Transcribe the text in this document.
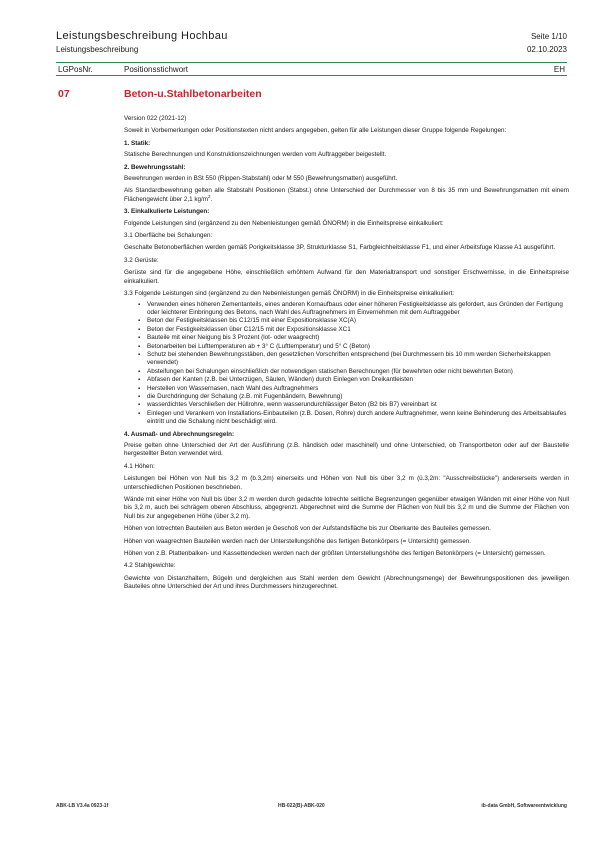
Leistungsbeschreibung Hochbau	Seite 1/10
Leistungsbeschreibung	02.10.2023
LGPosNr.	Positionsstichwort	EH
07	Beton-u.Stahlbetonarbeiten

Version 022 (2021-12)

Soweit in Vorbemerkungen oder Positionstexten nicht anders angegeben, gelten für alle Leistungen dieser Gruppe folgende Regelungen:

1. Statik:

Statische Berechnungen und Konstruktionszeichnungen werden vom Auftraggeber beigestellt.

2. Bewehrungsstahl:

Bewehrungen werden in BSt 550 (Rippen-Stabstahl) oder M 550 (Bewehrungsmatten) ausgeführt.

Als Standardbewehrung gelten alle Stabstahl Positionen (Stabst.) ohne Unterschied der Durchmesser von 8 bis 35 mm und Bewehrungsmatten mit einem Flächengewicht über 2,1 $kg/m^2$.

3. Einkalkulierte Leistungen:

Folgende Leistungen sind (ergänzend zu den Nebenleistungen gemäß ÖNORM) in die Einheitspreise einkalkuliert:

3.1 Oberfläche bei Schalungen:

Geschalte Betonoberflächen werden gemäß Porigkeitsklasse 3P, Strukturklasse S1, Farbgleichheitsklasse F1, und einer Arbeitsfuge Klasse A1 ausgeführt.

3.2 Gerüste:

Gerüste sind für die angegebene Höhe, einschließlich erhöhtem Aufwand für den Materialtransport und sonstiger Erschwernisse, in die Einheitspreise einkalkuliert.

3.3 Folgende Leistungen sind (ergänzend zu den Nebenleistungen gemäß ÖNORM) in die Einheitspreise einkalkuliert:

▪ Verwenden eines höheren Zementanteils, eines anderen Kornaufbaus oder einer höheren Festigkeitsklasse als gefordert, aus Gründen der Fertigung oder leichterer Einbringung des Betons, nach Wahl des Auftragnehmers im Einvernehmen mit dem Auftraggeber
▪ Beton der Festigkeitsklassen bis C12/15 mit einer Expositionsklasse XC(A)
▪ Beton der Festigkeitsklassen über C12/15 mit der Expositionsklasse XC1
▪ Bauteile mit einer Neigung bis 3 Prozent (lot- oder waagrecht)
▪ Betonarbeiten bei Lufttemperaturen ab + 3° C (Lufttemperatur) und 5° C (Beton)
▪ Schutz bei stehenden Bewehrungsstäben, den gesetzlichen Vorschriften entsprechend (bei Durchmessern bis 10 mm werden Sicherheitskappen verwendet)
▪ Absteifungen bei Schalungen einschließlich der notwendigen statischen Berechnungen (für bewehrten oder nicht bewehrten Beton)
▪ Abfasen der Kanten (z.B. bei Unterzügen, Säulen, Wänden) durch Einlegen von Dreikantleisten
▪ Herstellen von Wassernasen, nach Wahl des Auftragnehmers
▪ die Durchdringung der Schalung (z.B. mit Fugenbändern, Bewehrung)
▪ wasserdichtes Verschließen der Hüllrohre, wenn wasserundurchlässiger Beton (B2 bis B7) vereinbart ist
▪ Einlegen und Verankern von Installations-Einbauteilen (z.B. Dosen, Rohre) durch andere Auftragnehmer, wenn keine Behinderung des Arbeitsablaufes eintritt und die Schalung nicht beschädigt wird.

4. Ausmaß- und Abrechnungsregeln:

Preise gelten ohne Unterschied der Art der Ausführung (z.B. händisch oder maschinell) und ohne Unterschied, ob Transportbeton oder auf der Baustelle hergestellter Beton verwendet wird.

4.1 Höhen:

Leistungen bei Höhen von Null bis 3,2 m (b.3,2m) einerseits und Höhen von Null bis über 3,2 m (ü.3,2m: "Ausschreibstücke") andererseits werden in unterschiedlichen Positionen beschrieben.

Wände mit einer Höhe von Null bis über 3,2 m werden durch gedachte lotrechte seitliche Begrenzungen gegenüber etwaigen Wänden mit einer Höhe von Null bis 3,2 m, auch bei schrägem oberen Abschluss, abgegrenzt. Abgerechnet wird die Summe der Flächen von Null bis 3,2 m und die Summe der Flächen von Null bis zur angegebenen Höhe (über 3,2 m).

Höhen von lotrechten Bauteilen aus Beton werden je Geschoß von der Aufstandsfläche bis zur Oberkante des Bauteiles gemessen.

Höhen von waagrechten Bauteilen werden nach der Unterstellungshöhe des fertigen Betonkörpers (= Untersicht) gemessen.

Höhen von z.B. Plattenbalken- und Kassettendecken werden nach der größten Unterstellungshöhe des fertigen Betonkörpers (= Untersicht) gemessen.

4.2 Stahlgewichte:

Gewichte von Distanzhaltern, Bügeln und dergleichen aus Stahl werden dem Gewicht (Abrechnungsmenge) der Bewehrungspositionen des jeweiligen Bauteiles ohne Unterschied der Art und ihres Durchmessers hinzugerechnet.

ABK-LB V3.4a 0923-1f	HB-022(B)-ABK-020	ib-data GmbH, Softwareentwicklung
